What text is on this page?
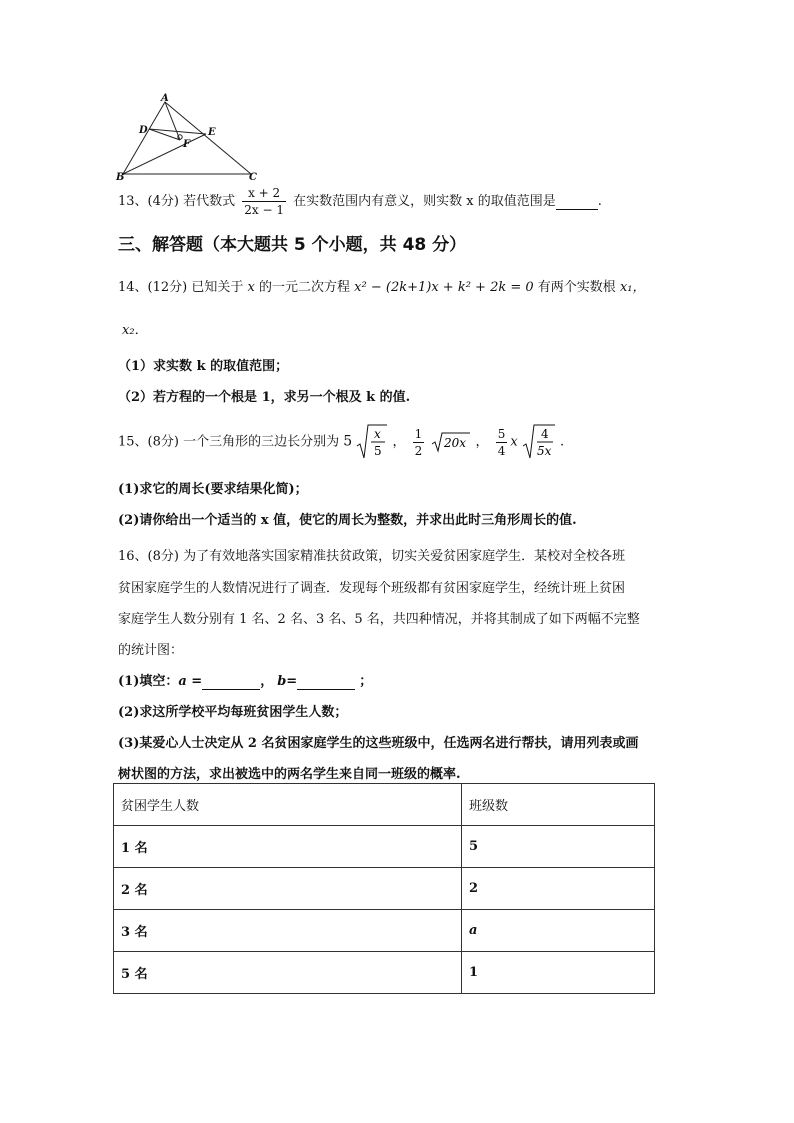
A
D	E
F
B	C
13、(4分) 若代数式 $\frac{x + 2}{2x - 1}$ 在实数范围内有意义，则实数 x 的取值范围是	.
三、解答题（本大题共 5 个小题，共 48 分）
14、(12分) 已知关于 x 的一元二次方程 x² − (2k+1)x + k² + 2k = 0 有两个实数根 x₁，
x₂．
（1）求实数 k 的取值范围；
（2）若方程的一个根是 1，求另一个根及 k 的值.
15、(8分) 一个三角形的三边长分别为 5 x
5
， $\frac{1}{2}$
20x ， $\frac{5}{4}$ x
4
5x
.
(1)求它的周长(要求结果化简)；
(2)请你给出一个适当的 x 值，使它的周长为整数，并求出此时三角形周长的值.
16、(8分) 为了有效地落实国家精准扶贫政策，切实关爱贫困家庭学生．某校对全校各班
贫困家庭学生的人数情况进行了调查．发现每个班级都有贫困家庭学生，经统计班上贫困
家庭学生人数分别有 1 名、2 名、3 名、5 名，共四种情况，并将其制成了如下两幅不完整
的统计图：
(1)填空：a =	， b=	；
(2)求这所学校平均每班贫困学生人数；
(3)某爱心人士决定从 2 名贫困家庭学生的这些班级中，任选两名进行帮扶，请用列表或画
树状图的方法，求出被选中的两名学生来自同一班级的概率.
贫困学生人数	班级数
1 名	5
2 名	2
3 名	a
5 名	1
